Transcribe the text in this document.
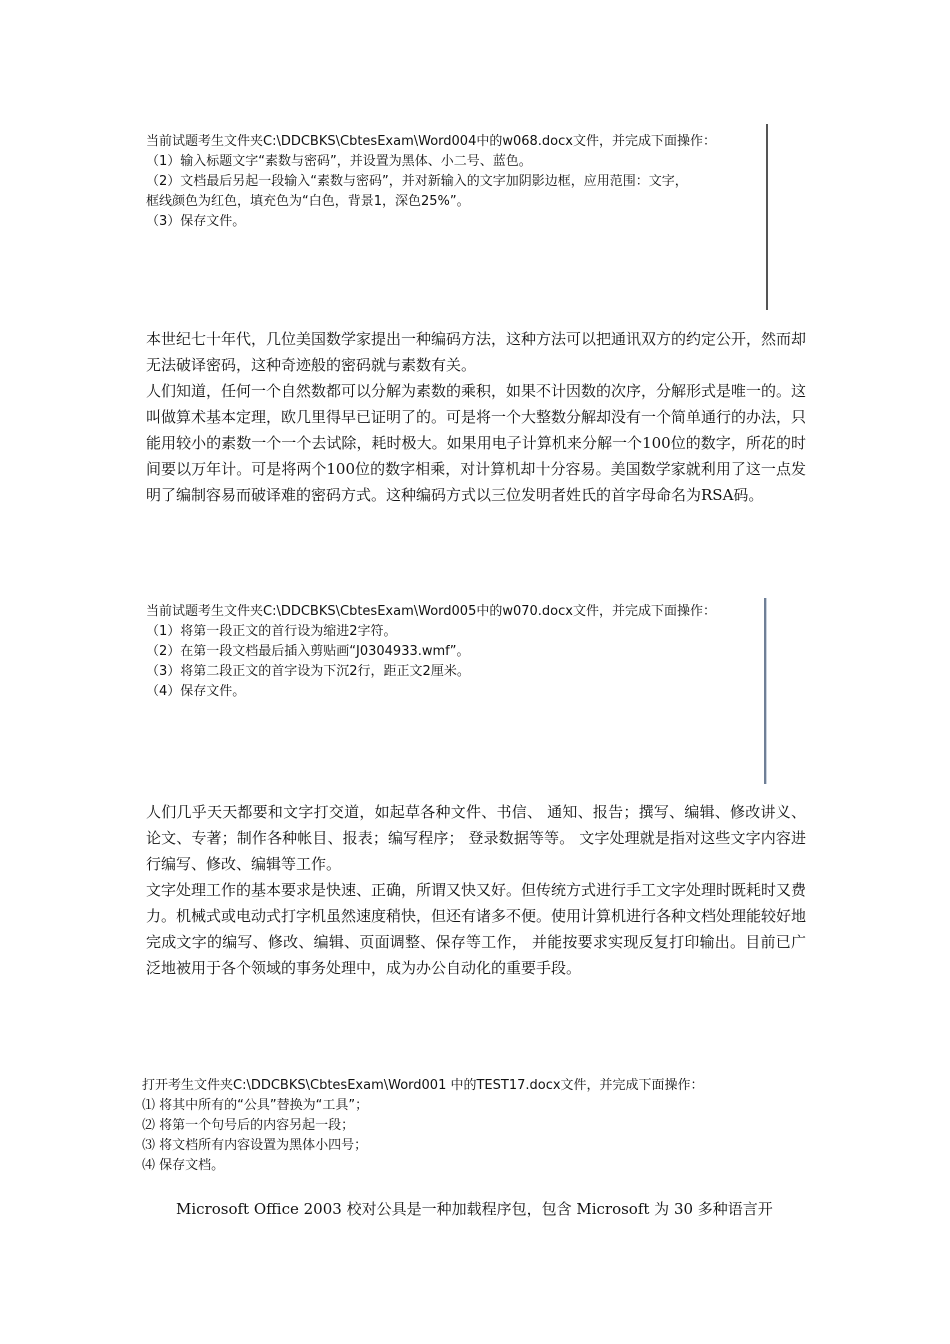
当前试题考生文件夹C:\DDCBKS\CbtesExam\Word004中的w068.docx文件，并完成下面操作：
（1）输入标题文字“素数与密码”，并设置为黑体、小二号、蓝色。
（2）文档最后另起一段输入“素数与密码”，并对新输入的文字加阴影边框，应用范围：文字，
框线颜色为红色，填充色为“白色，背景1，深色25%”。
（3）保存文件。

本世纪七十年代，几位美国数学家提出一种编码方法，这种方法可以把通讯双方的约定公开，然而却无法破译密码，这种奇迹般的密码就与素数有关。

人们知道，任何一个自然数都可以分解为素数的乘积，如果不计因数的次序，分解形式是唯一的。这叫做算术基本定理，欧几里得早已证明了的。可是将一个大整数分解却没有一个简单通行的办法，只能用较小的素数一个一个去试除，耗时极大。如果用电子计算机来分解一个100位的数字，所花的时间要以万年计。可是将两个100位的数字相乘，对计算机却十分容易。美国数学家就利用了这一点发明了编制容易而破译难的密码方式。这种编码方式以三位发明者姓氏的首字母命名为RSA码。

当前试题考生文件夹C:\DDCBKS\CbtesExam\Word005中的w070.docx文件，并完成下面操作：
（1）将第一段正文的首行设为缩进2字符。
（2）在第一段文档最后插入剪贴画“J0304933.wmf”。
（3）将第二段正文的首字设为下沉2行，距正文2厘米。
（4）保存文件。

人们几乎天天都要和文字打交道，如起草各种文件、书信、 通知、报告；撰写、编辑、修改讲义、论文、专著；制作各种帐目、报表；编写程序； 登录数据等等。 文字处理就是指对这些文字内容进行编写、修改、编辑等工作。

文字处理工作的基本要求是快速、正确，所谓又快又好。但传统方式进行手工文字处理时既耗时又费力。机械式或电动式打字机虽然速度稍快，但还有诸多不便。使用计算机进行各种文档处理能较好地完成文字的编写、修改、编辑、页面调整、保存等工作， 并能按要求实现反复打印输出。目前已广泛地被用于各个领域的事务处理中，成为办公自动化的重要手段。

打开考生文件夹C:\DDCBKS\CbtesExam\Word001 中的TEST17.docx文件，并完成下面操作：
⑴ 将其中所有的“公具”替换为“工具”；
⑵ 将第一个句号后的内容另起一段；
⑶ 将文档所有内容设置为黑体小四号；
⑷ 保存文档。

Microsoft Office 2003 校对公具是一种加载程序包，包含 Microsoft 为 30 多种语言开
